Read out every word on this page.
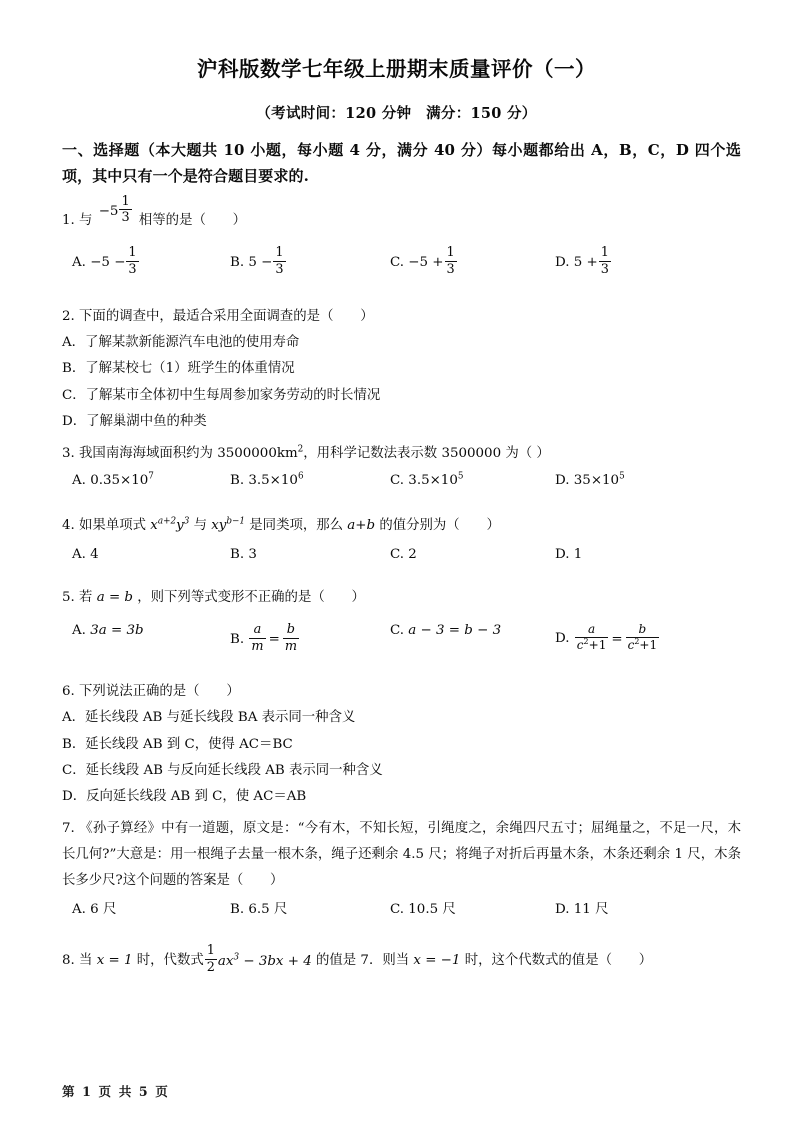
沪科版数学七年级上册期末质量评价（一）
（考试时间：120 分钟　满分：150 分）
一、选择题（本大题共 10 小题，每小题 4 分，满分 40 分）每小题都给出 A，B，C，D 四个选项，其中只有一个是符合题目要求的.
1. 与 $-5 \frac{1}{3}$ 相等的是（　　）
A. $-5 - \frac{1}{3}$	B. $5 - \frac{1}{3}$	C. $-5 + \frac{1}{3}$	D. $5 + \frac{1}{3}$
2. 下面的调查中，最适合采用全面调查的是（　　）
A．了解某款新能源汽车电池的使用寿命
B．了解某校七（1）班学生的体重情况
C．了解某市全体初中生每周参加家务劳动的时长情况
D．了解巢湖中鱼的种类
3. 我国南海海域面积约为 $3500000km^2$，用科学记数法表示数 3500000 为（ ）
A. $0.35\times 10^7$	B. $3.5\times 10^6$	C. $3.5\times 10^5$	D. $35\times 10^5$
4. 如果单项式 $x^{a+2}y^3$ 与 $xy^{b-1}$ 是同类项，那么 a+b 的值分别为（　　）
A. 4	B. 3	C. 2	D. 1
5. 若 a = b ，则下列等式变形不正确的是（　　）
A. 3a = 3b
B. $\frac{a}{m} = \frac{b}{m}$	C. a − 3 = b − 3
D. $\frac{a}{c^2+1} = \frac{b}{c^2+1}$
6. 下列说法正确的是（　　）
A．延长线段 AB 与延长线段 BA 表示同一种含义
B．延长线段 AB 到 C，使得 AC＝BC
C．延长线段 AB 与反向延长线段 AB 表示同一种含义
D．反向延长线段 AB 到 C，使 AC＝AB
7. 《孙子算经》中有一道题，原文是：“今有木，不知长短，引绳度之，余绳四尺五寸；屈绳量之，不足一尺，木长几何?”大意是：用一根绳子去量一根木条，绳子还剩余 4.5 尺；将绳子对折后再量木条，木条还剩余 1 尺，木条长多少尺?这个问题的答案是（　　）
A. 6 尺	B. 6.5 尺	C. 10.5 尺	D. 11 尺
8. 当 x = 1 时，代数式 $\frac{1}{2} ax^3 - 3bx + 4$ 的值是 7．则当 x = −1 时，这个代数式的值是（　　）
第 1 页 共 5 页
